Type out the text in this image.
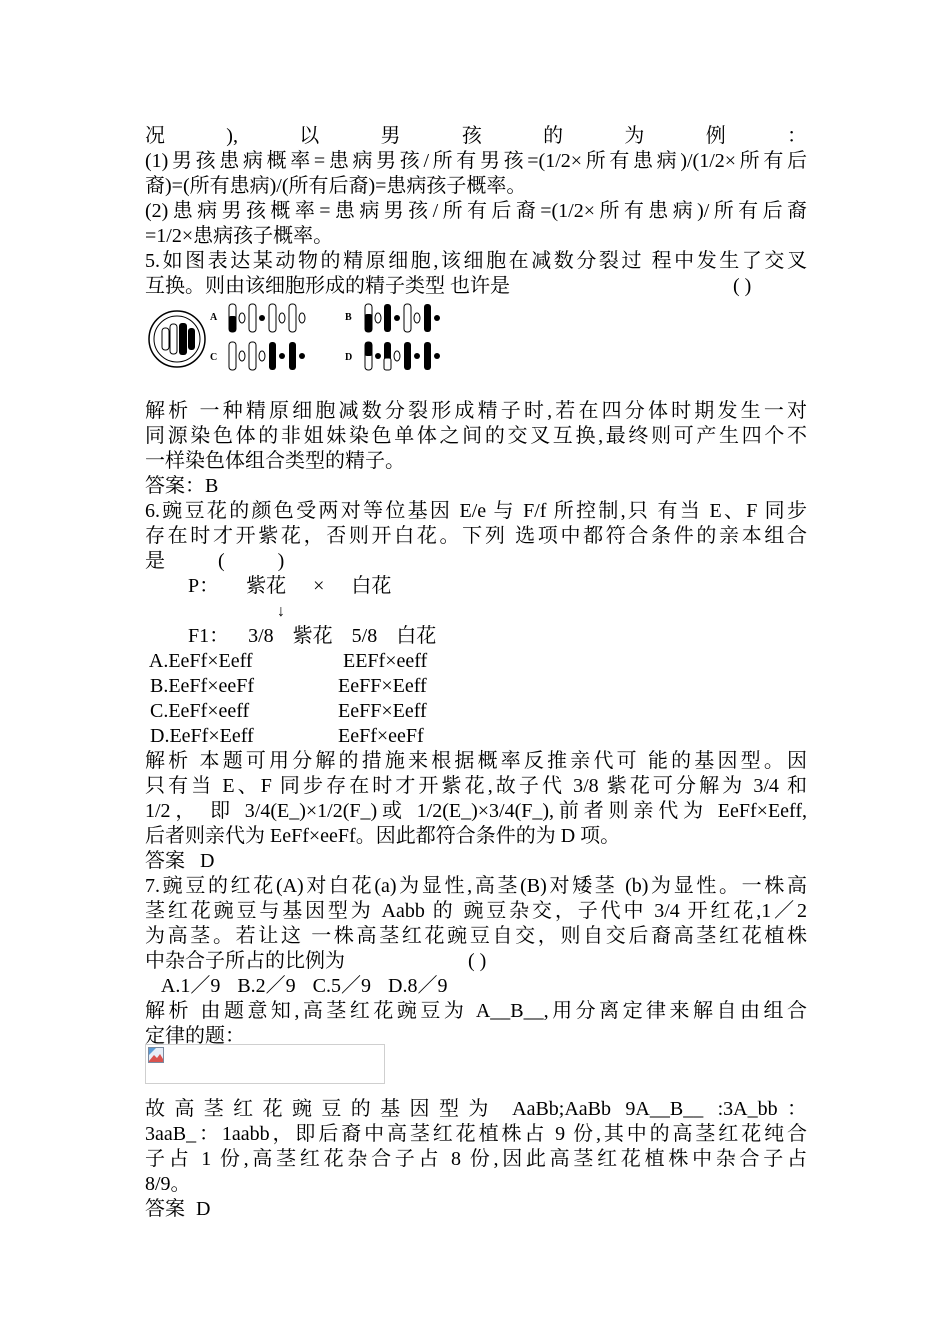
况),以男孩的为例：
(1)男孩患病概率=患病男孩/所有男孩=(1/2×所有患病)/(1/2×所有后
裔)=(所有患病)/(所有后裔)=患病孩子概率。
(2)患病男孩概率=患病男孩/所有后裔=(1/2×所有患病)/所有后裔
=1/2×患病孩子概率。
5.如图表达某动物的精原细胞,该细胞在减数分裂过 程中发生了交叉
互换。则由该细胞形成的精子类型 也许是	( )
A	B
C	D
解析 一种精原细胞减数分裂形成精子时,若在四分体时期发生一对
同源染色体的非姐妹染色单体之间的交叉互换,最终则可产生四个不
一样染色体组合类型的精子。
答案：B
6.豌豆花的颜色受两对等位基因 E/e 与 F/f 所控制,只 有当 E、F 同步
存在时才开紫花，否则开白花。下列 选项中都符合条件的亲本组合
是 ( )
P： 紫花 × 白花
↓
F1： 3/8 紫花 5/8 白花
A.EeFf×Eeff	EEFf×eeff
B.EeFf×eeFf	EeFF×Eeff
C.EeFf×eeff	EeFF×Eeff
D.EeFf×Eeff	EeFf×eeFf
解析 本题可用分解的措施来根据概率反推亲代可 能的基因型。因
只有当 E、F 同步存在时才开紫花,故子代 3/8 紫花可分解为 3/4 和
1/2， 即 3/4(E_)×1/2(F_)或 1/2(E_)×3/4(F_),前者则亲代为 EeFf×Eeff,
后者则亲代为 EeFf×eeFf。因此都符合条件的为 D 项。
答案 D
7.豌豆的红花(A)对白花(a)为显性,高茎(B)对矮茎 (b)为显性。一株高
茎红花豌豆与基因型为 Aabb 的 豌豆杂交，子代中 3/4 开红花,1／2
为高茎。若让这 一株高茎红花豌豆自交，则自交后裔高茎红花植株
中杂合子所占的比例为	( )
A.1／9 B.2／9 C.5／9 D.8／9
解析 由题意知,高茎红花豌豆为 A__B__,用分离定律来解自由组合
定律的题：
故高茎红花豌豆的基因型为 AaBb;AaBb 9A__B__ :3A_bb：
3aaB_：1aabb，即后裔中高茎红花植株占 9 份,其中的高茎红花纯合
子占 1 份,高茎红花杂合子占 8 份,因此高茎红花植株中杂合子占
8/9。
答案 D
